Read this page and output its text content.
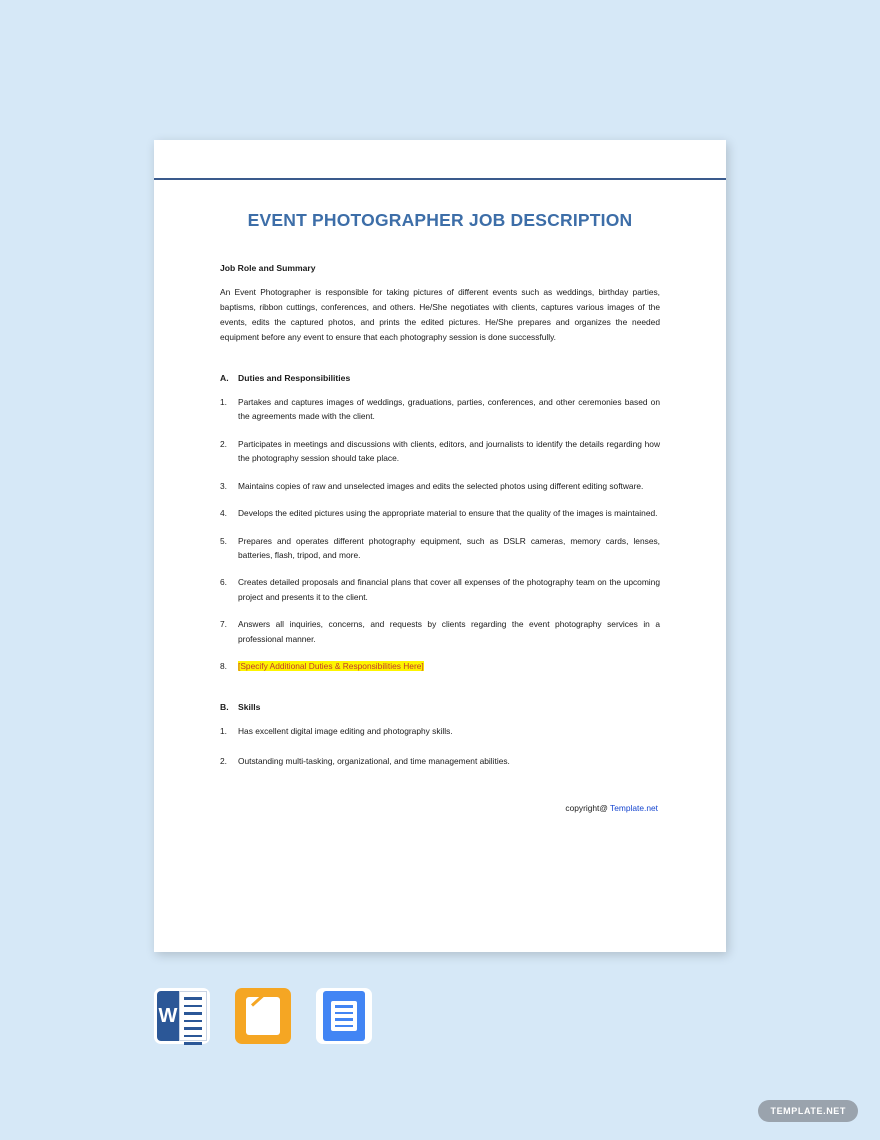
EVENT PHOTOGRAPHER JOB DESCRIPTION
Job Role and Summary
An Event Photographer is responsible for taking pictures of different events such as weddings, birthday parties, baptisms, ribbon cuttings, conferences, and others. He/She negotiates with clients, captures various images of the events, edits the captured photos, and prints the edited pictures. He/She prepares and organizes the needed equipment before any event to ensure that each photography session is done successfully.
A.	Duties and Responsibilities
1.	Partakes and captures images of weddings, graduations, parties, conferences, and other ceremonies based on the agreements made with the client.
2.	Participates in meetings and discussions with clients, editors, and journalists to identify the details regarding how the photography session should take place.
3.	Maintains copies of raw and unselected images and edits the selected photos using different editing software.
4.	Develops the edited pictures using the appropriate material to ensure that the quality of the images is maintained.
5.	Prepares and operates different photography equipment, such as DSLR cameras, memory cards, lenses, batteries, flash, tripod, and more.
6.	Creates detailed proposals and financial plans that cover all expenses of the photography team on the upcoming project and presents it to the client.
7.	Answers all inquiries, concerns, and requests by clients regarding the event photography services in a professional manner.
8.	[Specify Additional Duties & Responsibilities Here]
B.	Skills
1.	Has excellent digital image editing and photography skills.
2.	Outstanding multi-tasking, organizational, and time management abilities.
copyright@ Template.net
W
TEMPLATE.NET
